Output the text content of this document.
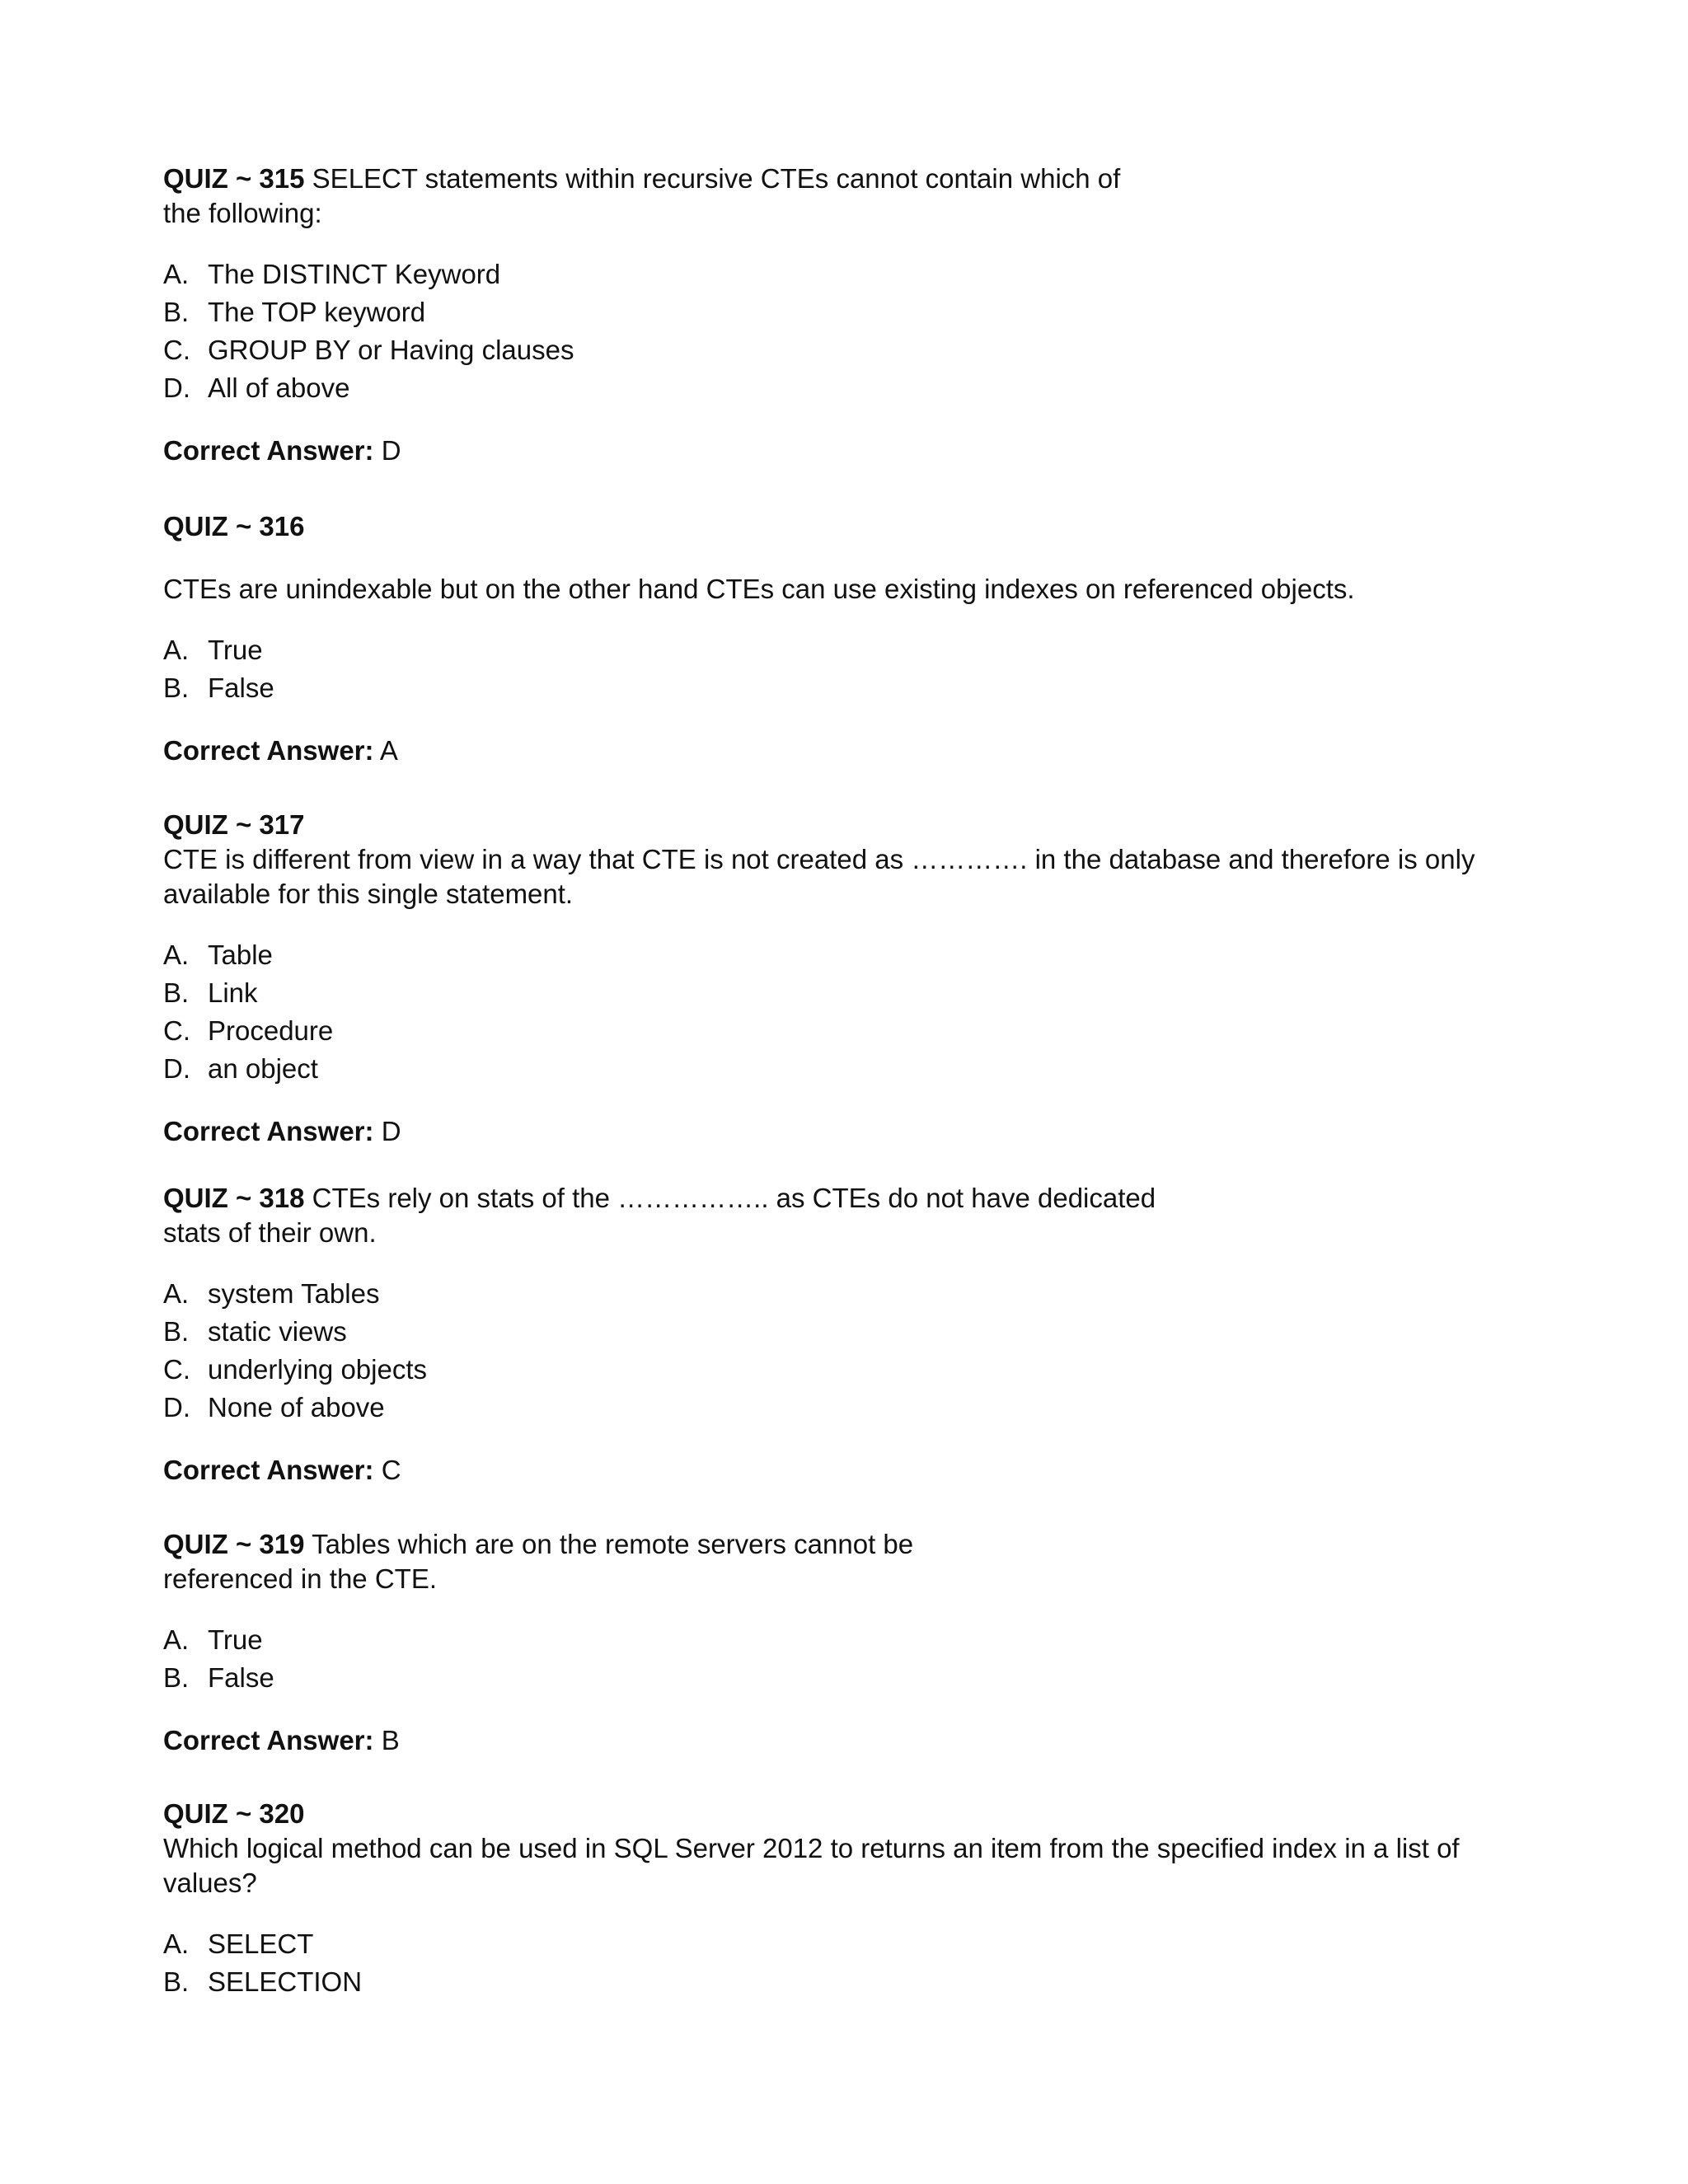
QUIZ ~ 315 SELECT statements within recursive CTEs cannot contain which of the following:

A. The DISTINCT Keyword
B. The TOP keyword
C. GROUP BY or Having clauses
D. All of above
Correct Answer: D

QUIZ ~ 316

CTEs are unindexable but on the other hand CTEs can use existing indexes on referenced objects.

A. True
B. False
Correct Answer: A

QUIZ ~ 317
CTE is different from view in a way that CTE is not created as …………. in the database and therefore is only available for this single statement.

A. Table
B. Link
C. Procedure
D. an object
Correct Answer: D

QUIZ ~ 318 CTEs rely on stats of the …………….. as CTEs do not have dedicated stats of their own.

A. system Tables
B. static views
C. underlying objects
D. None of above
Correct Answer: C

QUIZ ~ 319 Tables which are on the remote servers cannot be referenced in the CTE.

A. True
B. False
Correct Answer: B

QUIZ ~ 320
Which logical method can be used in SQL Server 2012 to returns an item from the specified index in a list of values?

A. SELECT
B. SELECTION
